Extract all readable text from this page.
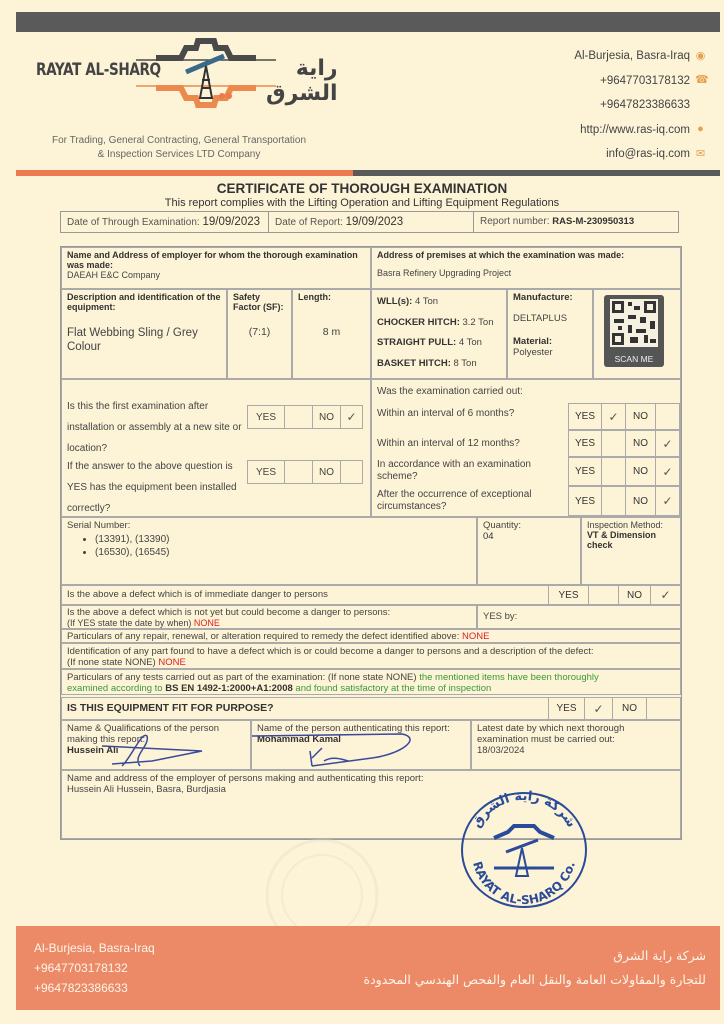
RAYAT AL-SHARQ	راية الشرق
For Trading, General Contracting, General Transportation
& Inspection Services LTD Company
Al-Burjesia, Basra-Iraq ◉
+9647703178132 ☎
+9647823386633
http://www.ras-iq.com ●
info@ras-iq.com ✉
CERTIFICATE OF THOROUGH EXAMINATION
This report complies with the Lifting Operation and Lifting Equipment Regulations
Date of Through Examination: 19/09/2023	Date of Report: 19/09/2023	Report number: RAS-M-230950313
Name and Address of employer for whom the thorough examination was made:
DAEAH E&C Company
Address of premises at which the examination was made:
Basra Refinery Upgrading Project
Description and identification of the equipment:
Flat Webbing Sling / Grey Colour
Safety Factor (SF):
(7:1)
Length:
8 m
WLL(s): 4 Ton
CHOCKER HITCH: 3.2 Ton
STRAIGHT PULL: 4 Ton
BASKET HITCH: 8 Ton
Manufacture:
DELTAPLUS
Material:
Polyester
SCAN ME
Is this the first examination after installation or assembly at a new site or location?
YES	NO	✓
If the answer to the above question is YES has the equipment been installed correctly?
YES	NO
Was the examination carried out:
Within an interval of 6 months?	YES	✓	NO
Within an interval of 12 months?	YES	NO	✓
In accordance with an examination scheme?	YES	NO	✓
After the occurrence of exceptional circumstances?	YES	NO	✓
Serial Number:
• (13391), (13390)
• (16530), (16545)
Quantity:
04
Inspection Method:
VT & Dimension check
Is the above a defect which is of immediate danger to persons	YES	NO	✓
Is the above a defect which is not yet but could become a danger to persons:
(If YES state the date by when) NONE
YES by:
Particulars of any repair, renewal, or alteration required to remedy the defect identified above: NONE
Identification of any part found to have a defect which is or could become a danger to persons and a description of the defect:
(If none state NONE) NONE
Particulars of any tests carried out as part of the examination: (If none state NONE) the mentioned items have been thoroughly
examined according to BS EN 1492-1:2000+A1:2008 and found satisfactory at the time of inspection
IS THIS EQUIPMENT FIT FOR PURPOSE?	YES	✓	NO
Name & Qualifications of the person making this report:
Hussein Ali
Name of the person authenticating this report: Mohammad Kamal
Latest date by which next thorough examination must be carried out:
18/03/2024
Name and address of the employer of persons making and authenticating this report:
Hussein Ali Hussein, Basra, Burdjasia
شركة راية الشرق
RAYAT AL-SHARQ Co.
Al-Burjesia, Basra-Iraq
+9647703178132
+9647823386633
شركة راية الشرق
للتجارة والمقاولات العامة والنقل العام والفحص الهندسي المحدودة
